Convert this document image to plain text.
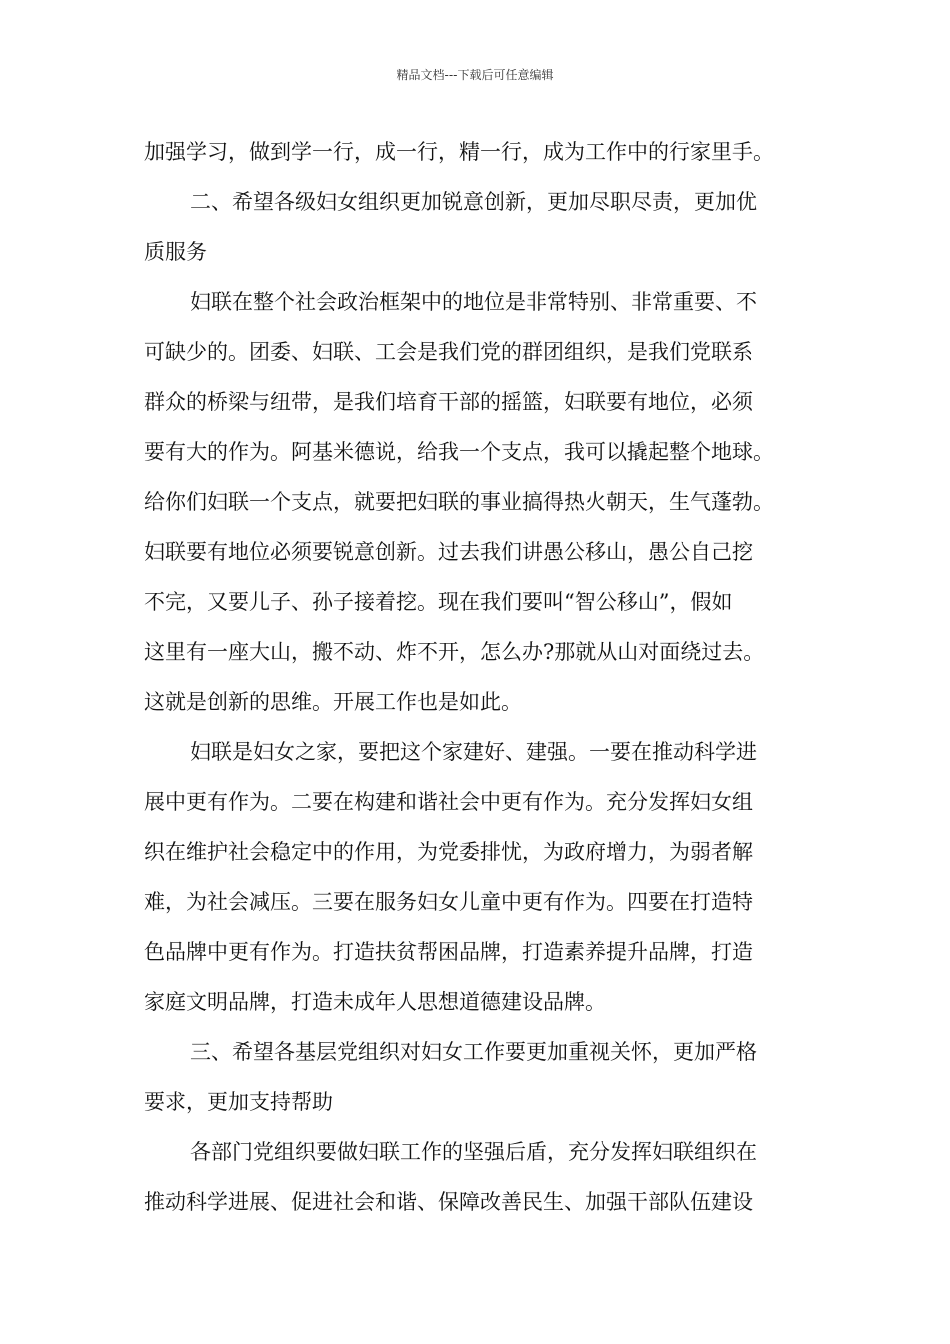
精品文档---下载后可任意编辑
加强学习，做到学一行，成一行，精一行，成为工作中的行家里手。
二、希望各级妇女组织更加锐意创新，更加尽职尽责，更加优
质服务
妇联在整个社会政治框架中的地位是非常特别、非常重要、不
可缺少的。团委、妇联、工会是我们党的群团组织，是我们党联系
群众的桥梁与纽带，是我们培育干部的摇篮，妇联要有地位，必须
要有大的作为。阿基米德说，给我一个支点，我可以撬起整个地球。
给你们妇联一个支点，就要把妇联的事业搞得热火朝天，生气蓬勃。
妇联要有地位必须要锐意创新。过去我们讲愚公移山，愚公自己挖
不完，又要儿子、孙子接着挖。现在我们要叫“智公移山”，假如
这里有一座大山，搬不动、炸不开，怎么办?那就从山对面绕过去。
这就是创新的思维。开展工作也是如此。
妇联是妇女之家，要把这个家建好、建强。一要在推动科学进
展中更有作为。二要在构建和谐社会中更有作为。充分发挥妇女组
织在维护社会稳定中的作用，为党委排忧，为政府增力，为弱者解
难，为社会减压。三要在服务妇女儿童中更有作为。四要在打造特
色品牌中更有作为。打造扶贫帮困品牌，打造素养提升品牌，打造
家庭文明品牌，打造未成年人思想道德建设品牌。
三、希望各基层党组织对妇女工作要更加重视关怀，更加严格
要求，更加支持帮助
各部门党组织要做妇联工作的坚强后盾，充分发挥妇联组织在
推动科学进展、促进社会和谐、保障改善民生、加强干部队伍建设
